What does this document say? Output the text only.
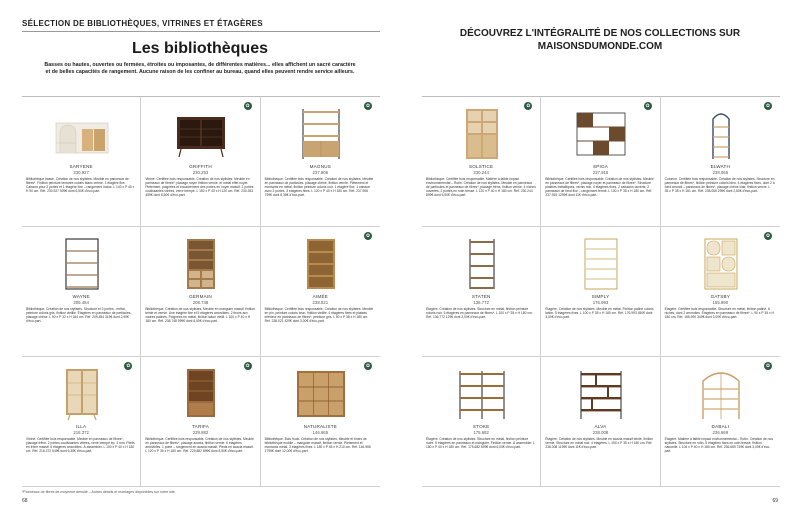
SÉLECTION DE BIBLIOTHÈQUES, VITRINES ET ÉTAGÈRES
Les bibliothèques
Basses ou hautes, ouvertes ou fermées, étroites ou imposantes, de différentes matières... elles affichent un sacré caractère et de belles capacités de rangement. Aucune raison de les confiner au bureau, quand elles peuvent rendre service ailleurs.
SARYENE
230.927
Bibliothèque basse. Création de nos stylistes. Meuble en panneaux de fibres*. Finition peinture texturée coloris blanc crème. 1 étagère fixe. Caisson pour 2 portes et 1 étagère fixe – rangement inclus. L 140 x P 40 x H 90 cm. Réf. 230.927 599€ dont 6,50€ d'éco-part.
✿
GRIFFITH
230.253
Vitrine. Certifiée bois responsable. Création de nos stylistes. Meuble en panneaux de fibres*, placage noyer finition vernie, et métal effet noyer. Piètement, poignées et encadrement des portes en noyer massif. 2 portes coulissantes vitrées, verre trempé. L 150 x P 40 x H 120 cm. Réf. 230.253 499€ dont 8,50€ d'éco-part.
✿
MAGNUS
237.906
Bibliothèque. Certifiée bois responsable. Création de nos stylistes. Meuble en panneaux de particules, placage chêne, finition vernie. Piètement et montants en métal, finition peinture coloris noir. 1 étagère fixe, 1 caisson avec 2 portes, 3 étagères fixes. L 120 x P 40 x H 180 cm. Réf. 237.906 799€ dont 8,35€ d'éco-part.
WAYNE
209.454
Bibliothèque. Création de nos stylistes. Structure et 3 portes - métal, peinture coloris gris, finition vieillie. Étagères en panneaux de particules, placage chêne. L 90 x P 32 x H 184 cm. Réf. 209.454 319€ dont 2,90€ d'éco-part.
GERMAIN
208.748
Bibliothèque. Création de nos stylistes. Meuble en manguier massif, finition teinte et vernie. Une étagère fixe et 5 étagères amovibles. 2 tiroirs aux cadres patinés. Poignées en métal, finition laiton vieilli. L 100 x P 40 x H 180 cm. Réf. 208.748 999€ dont 6,50€ d'éco-part.
✿
AIMÉE
238.021
Bibliothèque. Certifiée bois responsable. Création de nos stylistes. Meuble en pin, peinture coloris brun, finition vieillie. 4 étagères fixes et plateau inférieur en panneaux de fibres*, peinture gris. L 90 x P 38 x H 180 cm. Réf. 238.021 429€ dont 3,00€ d'éco-part.
✿
ILLA
216.372
Vitrine. Certifiée bois responsable. Meuble en panneaux de fibres*, placage frêne. 2 portes coulissantes vitrées, verre trempé ép. 4 mm. Pieds en frêne massif. 6 étagères amovibles. À assembler. L 100 x P 40 x H 180 cm. Réf. 216.372 549€ dont 6,35€ d'éco-part.
✿
TARIFA
229.882
Bibliothèque. Certifiée bois responsable. Création de nos stylistes. Meuble en panneaux de fibres*, placage acacia, finition vernie. 6 étagères amovibles. 1 porte – rangement en acacia massif. Pieds en acacia massif. L 120 x P 35 x H 180 cm. Réf. 229.882 899€ dont 8,50€ d'éco-part.
✿
NATURALISTE
146.965
Bibliothèque. Bois fruck. Création de nos stylistes. Meuble et tiroirs de bibliothèque mobile – manguier massif, finition vernie. Piètement et montants métal. 3 étagères fixes. L 180 x P 45 x H 210 cm. Réf. 146.965 1799€ dont 12,00€ d'éco-part.
*Panneaux de fibres de moyenne densité – Autres détails et montages disponibles sur notre site
68
DÉCOUVREZ L'INTÉGRALITÉ DE NOS COLLECTIONS SUR
MAISONSDUMONDE.COM
✿
SOLSTICE
230.244
Bibliothèque. Certifiée bois responsable. Matière à faible impact environnemental – Rotin. Création de nos stylistes. Meuble en panneaux de particules et panneaux de fibres*, placage frêne, finition vernie. 4 niches ouvertes, 2 portes en rotin tressé. L 120 x P 40 x H 180 cm. Réf. 230.244 899€ dont 6,50€ d'éco-part.
✿
SPIGA
237.915
Bibliothèque. Certifiée bois responsable. Création de nos stylistes. Meuble en panneaux de fibres*, placage noyer et panneaux de fibres*. Structure platines métalliques, vernis noir. 4 étagères fixes, 2 caissons ouverts, 2 panneaux de fond fixe – rangement fermé. L 130 x P 35 x H 180 cm. Réf. 237.915 1299€ dont 11€ d'éco-part.
✿
ELWATH
238.065
Colonne. Certifiée bois responsable. Création de nos stylistes. Structure en panneaux de fibres*, finition peinture coloris bleu. 4 étagères fixes, dont 2 à fond arrondi – panneaux de fibres*, placage chêne clair, finition vernie. L 35 x P 35 x H 181 cm. Réf. 238.065 299€ dont 2,60€ d'éco-part.
STATEN
136.772
Étagère. Création de nos stylistes. Structure en métal, finition peinture coloris noir. 5 étagères en panneaux de fibres*. L 100 x P 35 x H 180 cm. Réf. 136.772 129€ dont 2,00€ d'éco-part.
SIMPLY
176.993
Étagère. Création de nos stylistes. Meuble en métal. Finition patine coloris laiton. 5 étagères fixes. L 100 x P 35 x H 180 cm. Réf. 176.993 450€ dont 3,00€ d'éco-part.
✿
GATSBY
165.990
Étagère. Certifiée bois responsable. Structure en métal, finition patiné. 6 niches, dont 2 arrondies. Étagères en panneaux de fibres*. L 90 x P 35 x H 180 cm. Réf. 165.990 349€ dont 3,00€ d'éco-part.
STOKE
175.682
Étagère. Création de nos stylistes. Structure en métal, finition peinture noire. 5 étagères en panneaux et manguier. Finition vernie. À assembler. L 180 x P 40 x H 180 cm. Réf. 175.682 699€ dont 6,00€ d'éco-part.
ALVA
238.008
Étagère. Création de nos stylistes. Meuble en acacia massif teinté, finition vernie. Structure en métal noir. 4 étagères. L 150 x P 35 x H 180 cm. Réf. 238.008 1199€ dont 11€ d'éco-part.
✿
DABALI
236.669
Étagère. Matière à faible impact environnemental – Rotin. Création de nos stylistes. Structure en rotin, 5 étagères fixes en rotin tressé, finition naturelle. L 104 x P 40 x H 180 cm. Réf. 236.669 749€ dont 3,00€ d'éco-part.
69
